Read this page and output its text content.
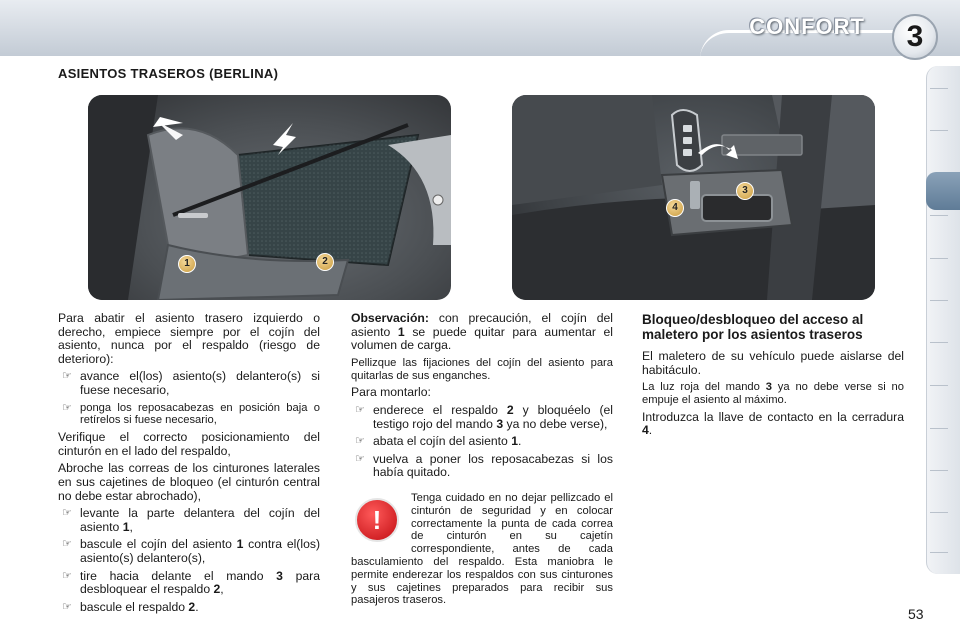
CONFORT	3
ASIENTOS TRASEROS (BERLINA)
1	2
3
4

Para abatir el asiento trasero izquierdo o derecho, empiece siempre por el cojín del asiento, nunca por el respaldo (riesgo de deterioro):

☞ avance el(los) asiento(s) delantero(s) si fuese necesario,
☞ ponga los reposacabezas en posición baja o retírelos si fuese necesario,

Verifique el correcto posicionamiento del cinturón en el lado del respaldo,

Abroche las correas de los cinturones laterales en sus cajetines de bloqueo (el cinturón central no debe estar abrochado),

☞ levante la parte delantera del cojín del asiento 1,
☞ bascule el cojín del asiento 1 contra el(los) asiento(s) delantero(s),
☞ tire hacia delante el mando 3 para desbloquear el respaldo 2,
☞ bascule el respaldo 2.

Observación: con precaución, el cojín del asiento 1 se puede quitar para aumentar el volumen de carga.

Pellizque las fijaciones del cojín del asiento para quitarlas de sus enganches.

Para montarlo:

☞ enderece el respaldo 2 y bloquéelo (el testigo rojo del mando 3 ya no debe verse),
☞ abata el cojín del asiento 1.
☞ vuelva a poner los reposacabezas si los había quitado.
!
Tenga cuidado en no dejar pellizcado el cinturón de seguridad y en colocar correctamente la punta de cada correa de cinturón en su cajetín correspondiente, antes de cada basculamiento del respaldo. Esta maniobra le permite enderezar los respaldos con sus cinturones y sus cajetines preparados para recibir sus pasajeros traseros.
Bloqueo/desbloqueo del acceso al maletero por los asientos traseros

El maletero de su vehículo puede aislarse del habitáculo.

La luz roja del mando 3 ya no debe verse si no empuje el asiento al máximo.

Introduzca la llave de contacto en la cerradura 4.

53
